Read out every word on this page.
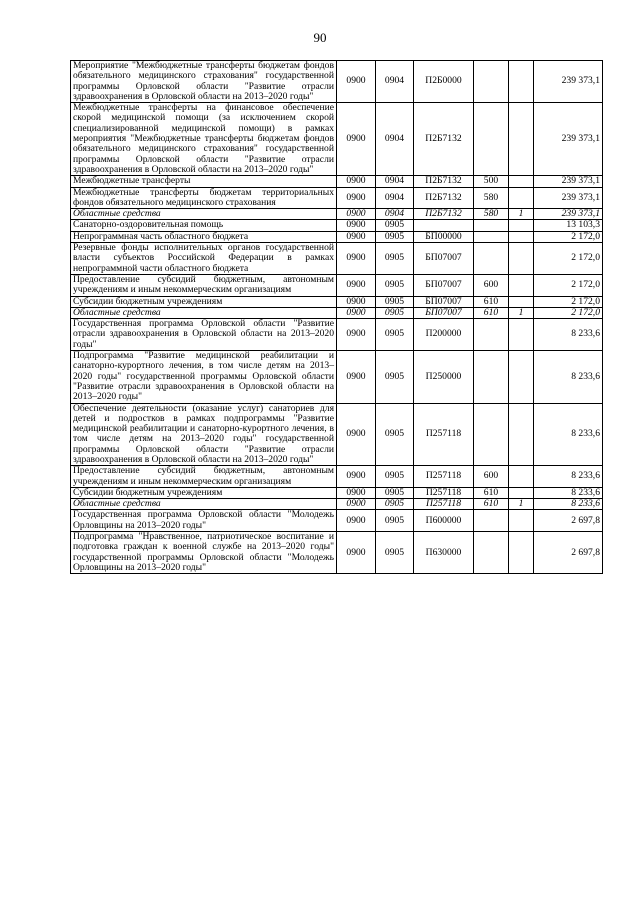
90
Мероприятие "Межбюджетные трансферты бюджетам фондов обязательного медицинского страхования" государственной программы Орловской области "Развитие отрасли здравоохранения в Орловской области на 2013–2020 годы"	0900	0904	П2Б0000			239 373,1
Межбюджетные трансферты на финансовое обеспечение скорой медицинской помощи (за исключением скорой специализированной медицинской помощи) в рамках мероприятия "Межбюджетные трансферты бюджетам фондов обязательного медицинского страхования" государственной программы Орловской области "Развитие отрасли здравоохранения в Орловской области на 2013–2020 годы"	0900	0904	П2Б7132			239 373,1
Межбюджетные трансферты	0900	0904	П2Б7132	500		239 373,1
Межбюджетные трансферты бюджетам территориальных фондов обязательного медицинского страхования	0900	0904	П2Б7132	580		239 373,1
Областные средства	0900	0904	П2Б7132	580	1	239 373,1
Санаторно-оздоровительная помощь	0900	0905				13 103,3
Непрограммная часть областного бюджета	0900	0905	БП00000			2 172,0
Резервные фонды исполнительных органов государственной власти субъектов Российской Федерации в рамках непрограммной части областного бюджета	0900	0905	БП07007			2 172,0
Предоставление субсидий бюджетным, автономным учреждениям и иным некоммерческим организациям	0900	0905	БП07007	600		2 172,0
Субсидии бюджетным учреждениям	0900	0905	БП07007	610		2 172,0
Областные средства	0900	0905	БП07007	610	1	2 172,0
Государственная программа Орловской области "Развитие отрасли здравоохранения в Орловской области на 2013–2020 годы"	0900	0905	П200000			8 233,6
Подпрограмма "Развитие медицинской реабилитации и санаторно-курортного лечения, в том числе детям на 2013–2020 годы" государственной программы Орловской области "Развитие отрасли здравоохранения в Орловской области на 2013–2020 годы"	0900	0905	П250000			8 233,6
Обеспечение деятельности (оказание услуг) санаториев для детей и подростков в рамках подпрограммы "Развитие медицинской реабилитации и санаторно-курортного лечения, в том числе детям на 2013–2020 годы" государственной программы Орловской области "Развитие отрасли здравоохранения в Орловской области на 2013–2020 годы"	0900	0905	П257118			8 233,6
Предоставление субсидий бюджетным, автономным учреждениям и иным некоммерческим организациям	0900	0905	П257118	600		8 233,6
Субсидии бюджетным учреждениям	0900	0905	П257118	610		8 233,6
Областные средства	0900	0905	П257118	610	1	8 233,6
Государственная программа Орловской области "Молодежь Орловщины на 2013–2020 годы"	0900	0905	П600000			2 697,8
Подпрограмма "Нравственное, патриотическое воспитание и подготовка граждан к военной службе на 2013–2020 годы" государственной программы Орловской области "Молодежь Орловщины на 2013–2020 годы"	0900	0905	П630000			2 697,8
